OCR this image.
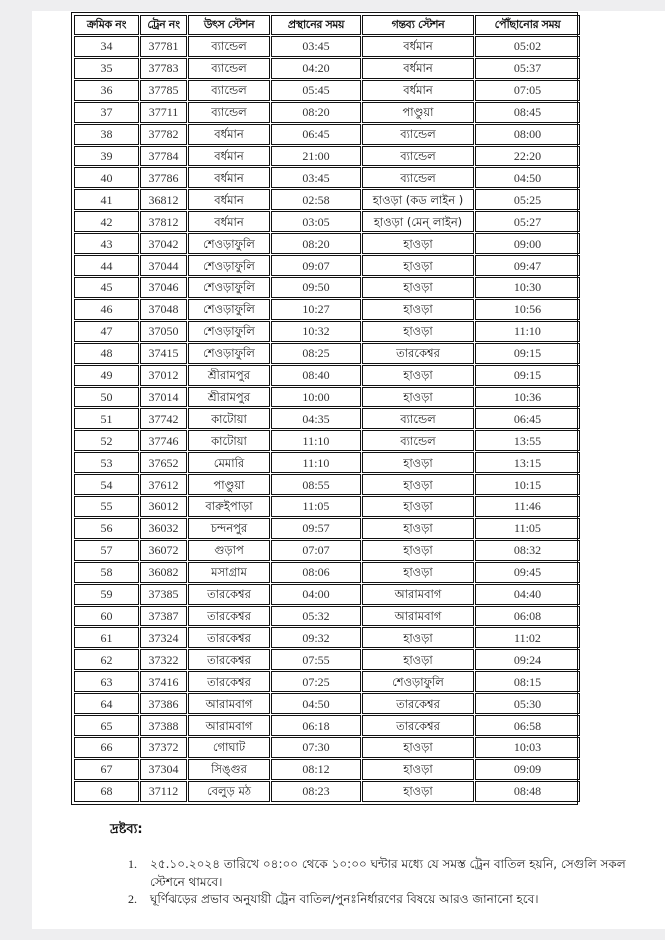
ক্রমিক নং	ট্রেন নং	উৎস স্টেশন	প্রস্থানের সময়	গন্তব্য স্টেশন	পৌঁছানোর সময়
34	37781	ব্যান্ডেল	03:45	বর্ধমান	05:02
35	37783	ব্যান্ডেল	04:20	বর্ধমান	05:37
36	37785	ব্যান্ডেল	05:45	বর্ধমান	07:05
37	37711	ব্যান্ডেল	08:20	পাণ্ডুয়া	08:45
38	37782	বর্ধমান	06:45	ব্যান্ডেল	08:00
39	37784	বর্ধমান	21:00	ব্যান্ডেল	22:20
40	37786	বর্ধমান	03:45	ব্যান্ডেল	04:50
41	36812	বর্ধমান	02:58	হাওড়া (কড লাইন )	05:25
42	37812	বর্ধমান	03:05	হাওড়া (মেন্ লাইন)	05:27
43	37042	শেওড়াফুলি	08:20	হাওড়া	09:00
44	37044	শেওড়াফুলি	09:07	হাওড়া	09:47
45	37046	শেওড়াফুলি	09:50	হাওড়া	10:30
46	37048	শেওড়াফুলি	10:27	হাওড়া	10:56
47	37050	শেওড়াফুলি	10:32	হাওড়া	11:10
48	37415	শেওড়াফুলি	08:25	তারকেশ্বর	09:15
49	37012	শ্রীরামপুর	08:40	হাওড়া	09:15
50	37014	শ্রীরামপুর	10:00	হাওড়া	10:36
51	37742	কাটোয়া	04:35	ব্যান্ডেল	06:45
52	37746	কাটোয়া	11:10	ব্যান্ডেল	13:55
53	37652	মেমারি	11:10	হাওড়া	13:15
54	37612	পাণ্ডুয়া	08:55	হাওড়া	10:15
55	36012	বারুইপাড়া	11:05	হাওড়া	11:46
56	36032	চন্দনপুর	09:57	হাওড়া	11:05
57	36072	গুড়াপ	07:07	হাওড়া	08:32
58	36082	মসাগ্রাম	08:06	হাওড়া	09:45
59	37385	তারকেশ্বর	04:00	আরামবাগ	04:40
60	37387	তারকেশ্বর	05:32	আরামবাগ	06:08
61	37324	তারকেশ্বর	09:32	হাওড়া	11:02
62	37322	তারকেশ্বর	07:55	হাওড়া	09:24
63	37416	তারকেশ্বর	07:25	শেওড়াফুলি	08:15
64	37386	আরামবাগ	04:50	তারকেশ্বর	05:30
65	37388	আরামবাগ	06:18	তারকেশ্বর	06:58
66	37372	গোঘাট	07:30	হাওড়া	10:03
67	37304	সিঙ্গুর	08:12	হাওড়া	09:09
68	37112	বেলুড় মঠ	08:23	হাওড়া	08:48
দ্রষ্টব্য:
1. ২৫.১০.২০২৪ তারিখে ০৪:০০ থেকে ১০:০০ ঘন্টার মধ্যে যে সমস্ত ট্রেন বাতিল হয়নি, সেগুলি সকল স্টেশনে থামবে।
2. ঘূর্ণিঝড়ের প্রভাব অনুযায়ী ট্রেন বাতিল/পুনঃনির্ধারণের বিষয়ে আরও জানানো হবে।
